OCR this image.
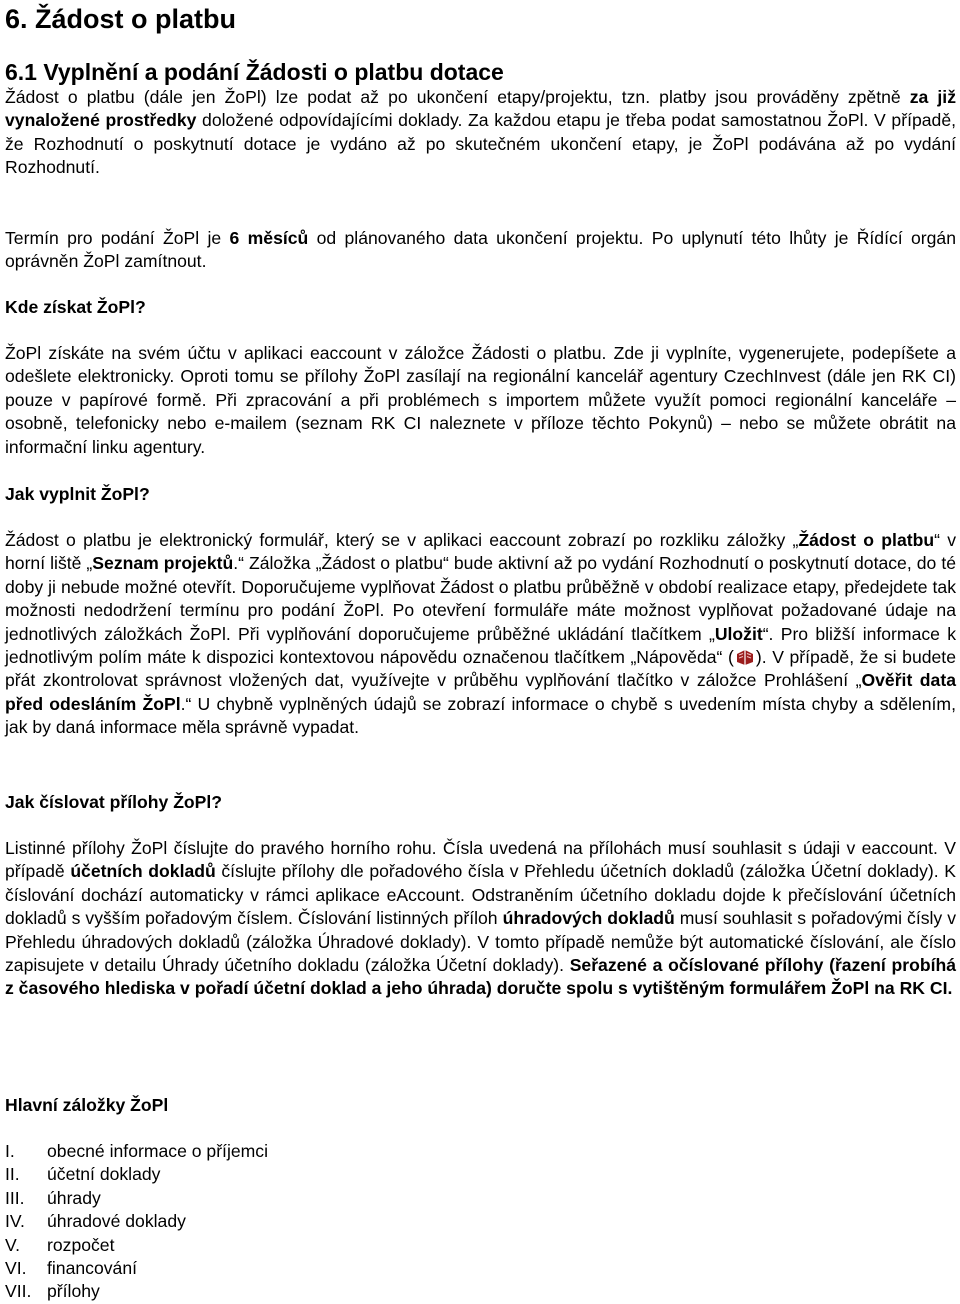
6. Žádost o platbu
6.1 Vyplnění a podání Žádosti o platbu dotace
Žádost o platbu (dále jen ŽoPl) lze podat až po ukončení etapy/projektu, tzn. platby jsou prováděny zpětně za již vynaložené prostředky doložené odpovídajícími doklady. Za každou etapu je třeba podat samostatnou ŽoPl. V případě, že Rozhodnutí o poskytnutí dotace je vydáno až po skutečném ukončení etapy, je ŽoPl podávána až po vydání Rozhodnutí.
Termín pro podání ŽoPl je 6 měsíců od plánovaného data ukončení projektu. Po uplynutí této lhůty je Řídící orgán oprávněn ŽoPl zamítnout.
Kde získat ŽoPl?
ŽoPl získáte na svém účtu v aplikaci eaccount v záložce Žádosti o platbu. Zde ji vyplníte, vygenerujete, podepíšete a odešlete elektronicky. Oproti tomu se přílohy ŽoPl zasílají na regionální kancelář agentury CzechInvest (dále jen RK CI) pouze v papírové formě. Při zpracování a při problémech s importem můžete využít pomoci regionální kanceláře – osobně, telefonicky nebo e-mailem (seznam RK CI naleznete v příloze těchto Pokynů) – nebo se můžete obrátit na informační linku agentury.
Jak vyplnit ŽoPl?
Žádost o platbu je elektronický formulář, který se v aplikaci eaccount zobrazí po rozkliku záložky „Žádost o platbu“ v horní liště „Seznam projektů.“ Záložka „Žádost o platbu“ bude aktivní až po vydání Rozhodnutí o poskytnutí dotace, do té doby ji nebude možné otevřít. Doporučujeme vyplňovat Žádost o platbu průběžně v období realizace etapy, předejdete tak možnosti nedodržení termínu pro podání ŽoPl. Po otevření formuláře máte možnost vyplňovat požadované údaje na jednotlivých záložkách ŽoPl. Při vyplňování doporučujeme průběžné ukládání tlačítkem „Uložit“. Pro bližší informace k jednotlivým polím máte k dispozici kontextovou nápovědu označenou tlačítkem „Nápověda“ ( ). V případě, že si budete přát zkontrolovat správnost vložených dat, využívejte v průběhu vyplňování tlačítko v záložce Prohlášení „Ověřit data před odesláním ŽoPl.“ U chybně vyplněných údajů se zobrazí informace o chybě s uvedením místa chyby a sdělením, jak by daná informace měla správně vypadat.
Jak číslovat přílohy ŽoPl?
Listinné přílohy ŽoPl číslujte do pravého horního rohu. Čísla uvedená na přílohách musí souhlasit s údaji v eaccount. V případě účetních dokladů číslujte přílohy dle pořadového čísla v Přehledu účetních dokladů (záložka Účetní doklady). K číslování dochází automaticky v rámci aplikace eAccount. Odstraněním účetního dokladu dojde k přečíslování účetních dokladů s vyšším pořadovým číslem. Číslování listinných příloh úhradových dokladů musí souhlasit s pořadovými čísly v Přehledu úhradových dokladů (záložka Úhradové doklady). V tomto případě nemůže být automatické číslování, ale číslo zapisujete v detailu Úhrady účetního dokladu (záložka Účetní doklady). Seřazené a očíslované přílohy (řazení probíhá z časového hlediska v pořadí účetní doklad a jeho úhrada) doručte spolu s vytištěným formulářem ŽoPl na RK CI.
Hlavní záložky ŽoPl
I. obecné informace o příjemci
II. účetní doklady
III. úhrady
IV. úhradové doklady
V. rozpočet
VI. financování
VII. přílohy
